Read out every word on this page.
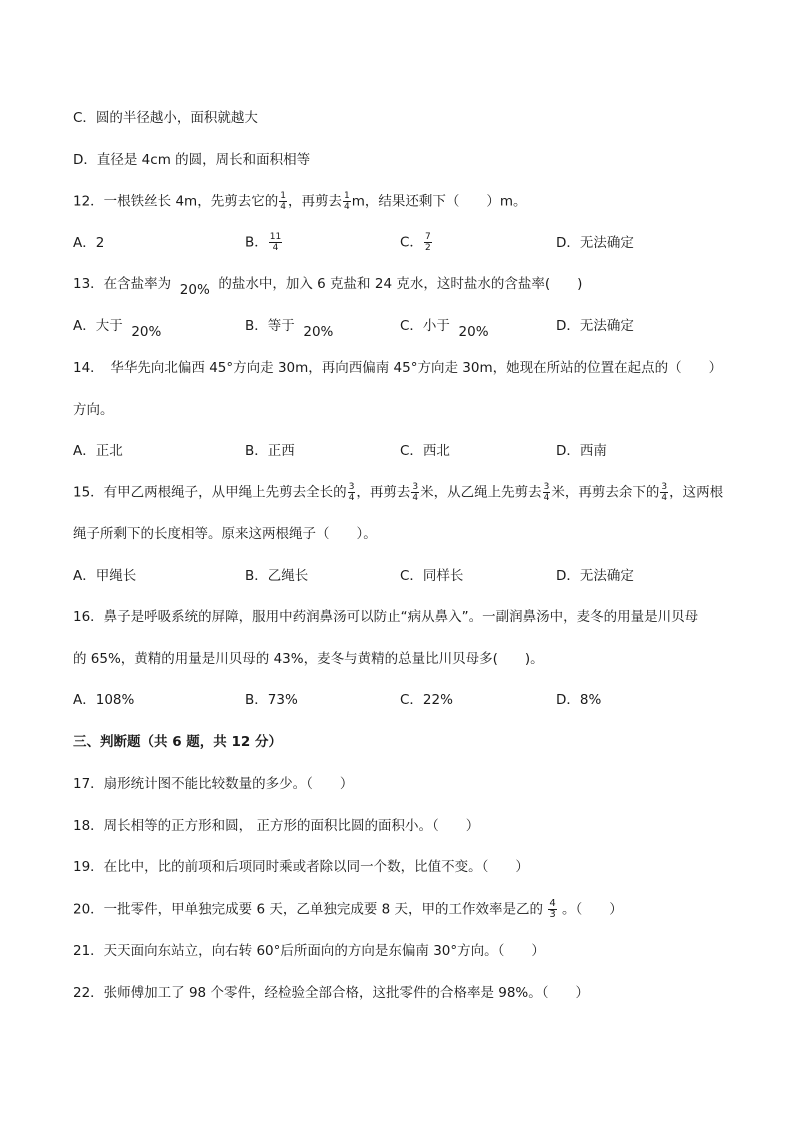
C．圆的半径越小，面积就越大
D．直径是 4cm 的圆，周长和面积相等
12．一根铁丝长 4m，先剪去它的 $\frac{1}{4}$ ，再剪去 $\frac{1}{4}$ m，结果还剩下（　　）m。
A．2	B． $\frac{11}{4}$	C． $\frac{7}{2}$	D．无法确定
13．在含盐率为 20% 的盐水中，加入 6 克盐和 24 克水，这时盐水的含盐率(　　)
A．大于 20%	B．等于 20%	C．小于 20%	D．无法确定
14．　华华先向北偏西 45°方向走 30m，再向西偏南 45°方向走 30m，她现在所站的位置在起点的（　　）
方向。
A．正北	B．正西	C．西北	D．西南
15．有甲乙两根绳子，从甲绳上先剪去全长的 $\frac{3}{4}$ ，再剪去 $\frac{3}{4}$ 米，从乙绳上先剪去 $\frac{3}{4}$ 米，再剪去余下的 $\frac{3}{4}$ ，这两根
绳子所剩下的长度相等。原来这两根绳子（　　）。
A．甲绳长	B．乙绳长	C．同样长	D．无法确定
16．鼻子是呼吸系统的屏障，服用中药润鼻汤可以防止“病从鼻入”。一副润鼻汤中，麦冬的用量是川贝母
的 65%，黄精的用量是川贝母的 43%，麦冬与黄精的总量比川贝母多(　　)。
A．108%	B．73%	C．22%	D．8%
三、判断题（共 6 题，共 12 分）
17．扇形统计图不能比较数量的多少。（　　）
18．周长相等的正方形和圆， 正方形的面积比圆的面积小。（　　）
19．在比中，比的前项和后项同时乘或者除以同一个数，比值不变。（　　）
20．一批零件，甲单独完成要 6 天，乙单独完成要 8 天，甲的工作效率是乙的 $\frac{4}{3}$ 。（　　）
21．天天面向东站立，向右转 60°后所面向的方向是东偏南 30°方向。（　　）
22．张师傅加工了 98 个零件，经检验全部合格，这批零件的合格率是 98%。（　　）
